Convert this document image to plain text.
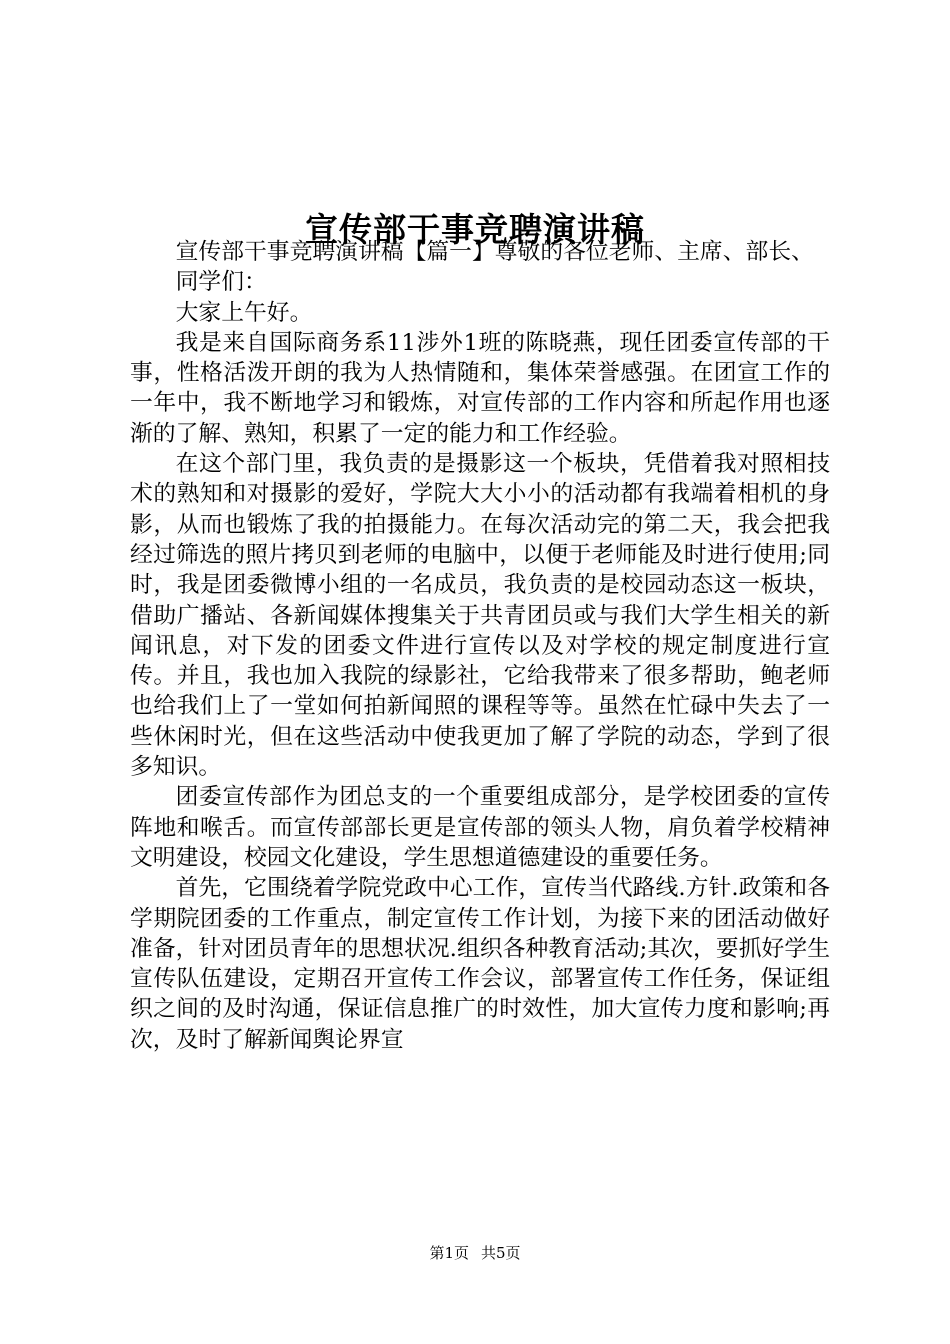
宣传部干事竞聘演讲稿

宣传部干事竞聘演讲稿【篇一】尊敬的各位老师、主席、部长、

同学们：

大家上午好。

我是来自国际商务系11涉外1班的陈晓燕，现任团委宣传部的干事，性格活泼开朗的我为人热情随和，集体荣誉感强。在团宣工作的一年中，我不断地学习和锻炼，对宣传部的工作内容和所起作用也逐渐的了解、熟知，积累了一定的能力和工作经验。

在这个部门里，我负责的是摄影这一个板块，凭借着我对照相技术的熟知和对摄影的爱好，学院大大小小的活动都有我端着相机的身影，从而也锻炼了我的拍摄能力。在每次活动完的第二天，我会把我经过筛选的照片拷贝到老师的电脑中，以便于老师能及时进行使用;同时，我是团委微博小组的一名成员，我负责的是校园动态这一板块，借助广播站、各新闻媒体搜集关于共青团员或与我们大学生相关的新闻讯息，对下发的团委文件进行宣传以及对学校的规定制度进行宣传。并且，我也加入我院的绿影社，它给我带来了很多帮助，鲍老师也给我们上了一堂如何拍新闻照的课程等等。虽然在忙碌中失去了一些休闲时光，但在这些活动中使我更加了解了学院的动态，学到了很多知识。

团委宣传部作为团总支的一个重要组成部分，是学校团委的宣传阵地和喉舌。而宣传部部长更是宣传部的领头人物，肩负着学校精神文明建设，校园文化建设，学生思想道德建设的重要任务。

首先，它围绕着学院党政中心工作，宣传当代路线.方针.政策和各学期院团委的工作重点，制定宣传工作计划，为接下来的团活动做好准备，针对团员青年的思想状况.组织各种教育活动;其次，要抓好学生宣传队伍建设，定期召开宣传工作会议，部署宣传工作任务，保证组织之间的及时沟通，保证信息推广的时效性，加大宣传力度和影响;再次，及时了解新闻舆论界宣

第1页 共5页
